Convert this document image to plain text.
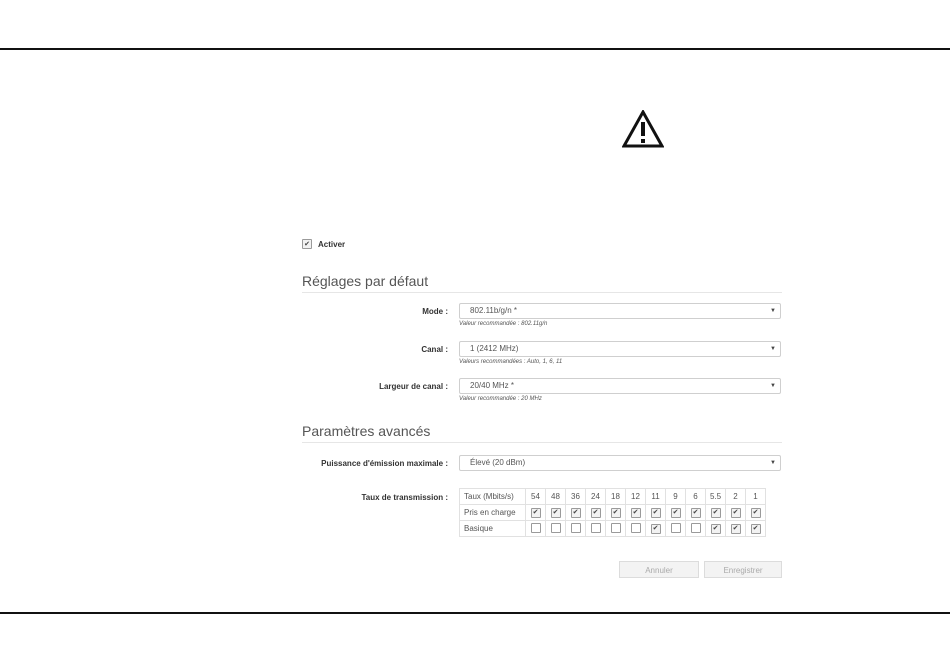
✔ Activer
Réglages par défaut
Mode :	802.11b/g/n *	▼
Valeur recommandée : 802.11g/n
Canal :	1 (2412 MHz)	▼
Valeurs recommandées : Auto, 1, 6, 11
Largeur de canal :	20/40 MHz *	▼
Valeur recommandée : 20 MHz
Paramètres avancés
Puissance d'émission maximale :	Élevé (20 dBm)	▼
Taux de transmission : Taux (Mbits/s)	54	48	36	24	18	12	11	9	6	5.5	2	1
Pris en charge	✔	✔	✔	✔	✔	✔	✔	✔	✔	✔	✔	✔
Basique							✔			✔	✔	✔
Annuler	Enregistrer
